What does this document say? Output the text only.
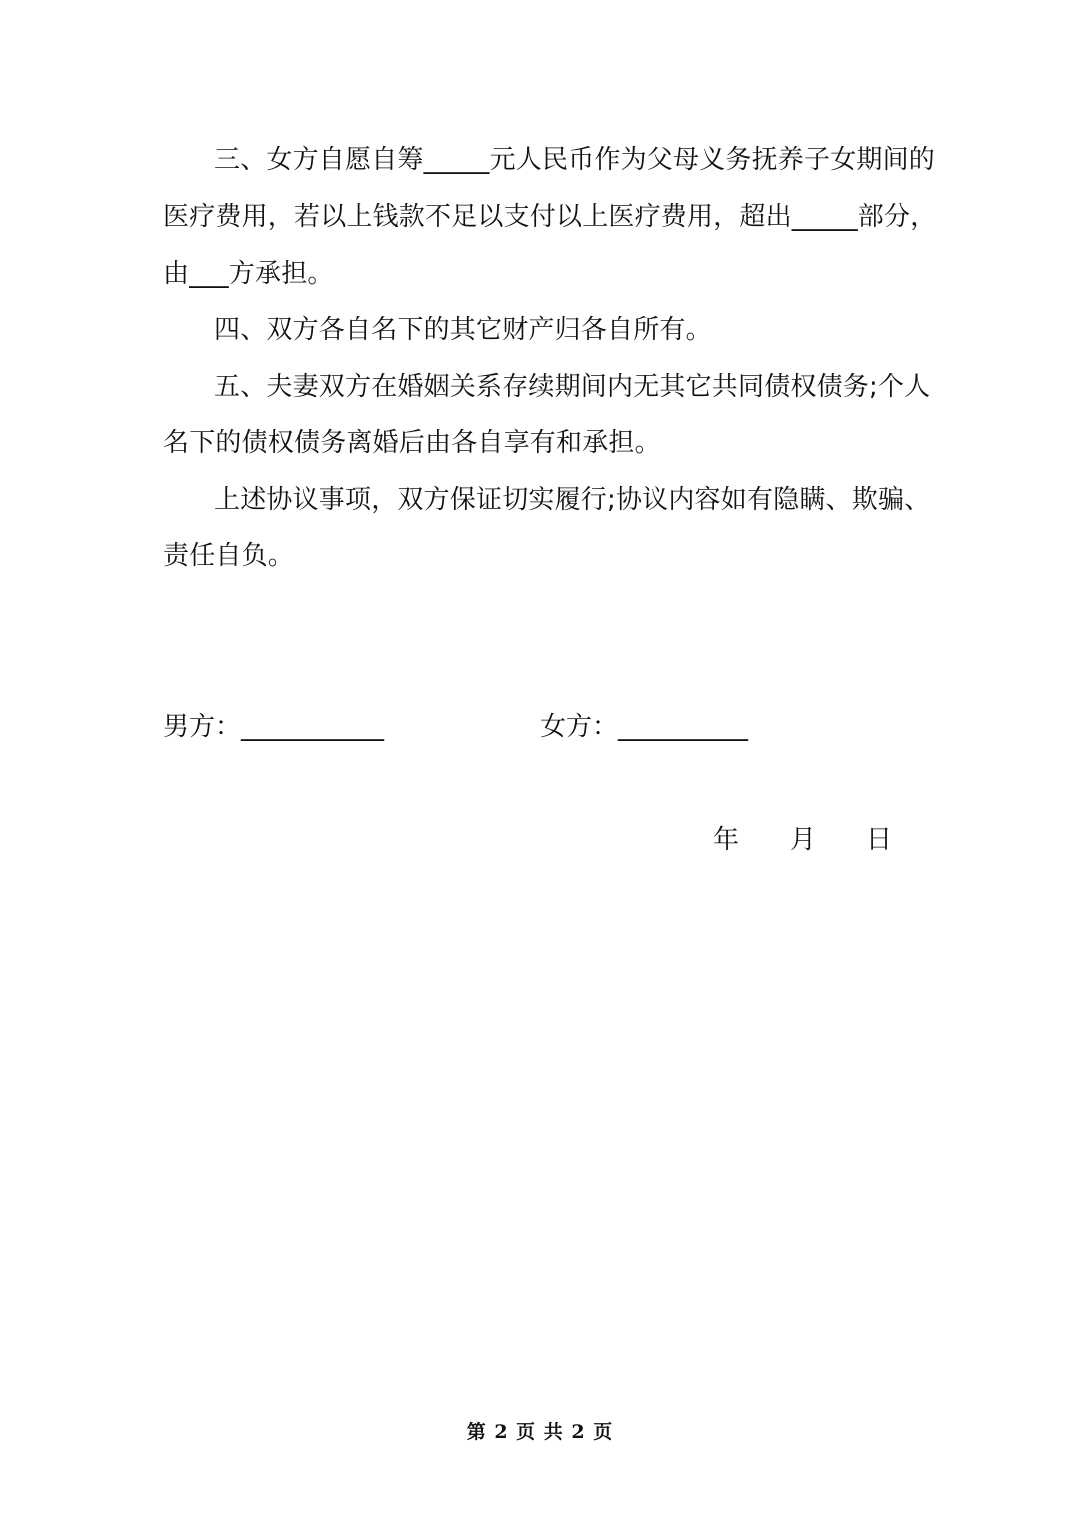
三、女方自愿自筹_____元人民币作为父母义务抚养子女期间的
医疗费用，若以上钱款不足以支付以上医疗费用，超出_____部分，
由___方承担。
四、双方各自名下的其它财产归各自所有。
五、夫妻双方在婚姻关系存续期间内无其它共同债权债务;个人
名下的债权债务离婚后由各自享有和承担。
上述协议事项，双方保证切实履行;协议内容如有隐瞒、欺骗、
责任自负。
男方：___________	女方：__________
年 月 日
第 2 页 共 2 页
